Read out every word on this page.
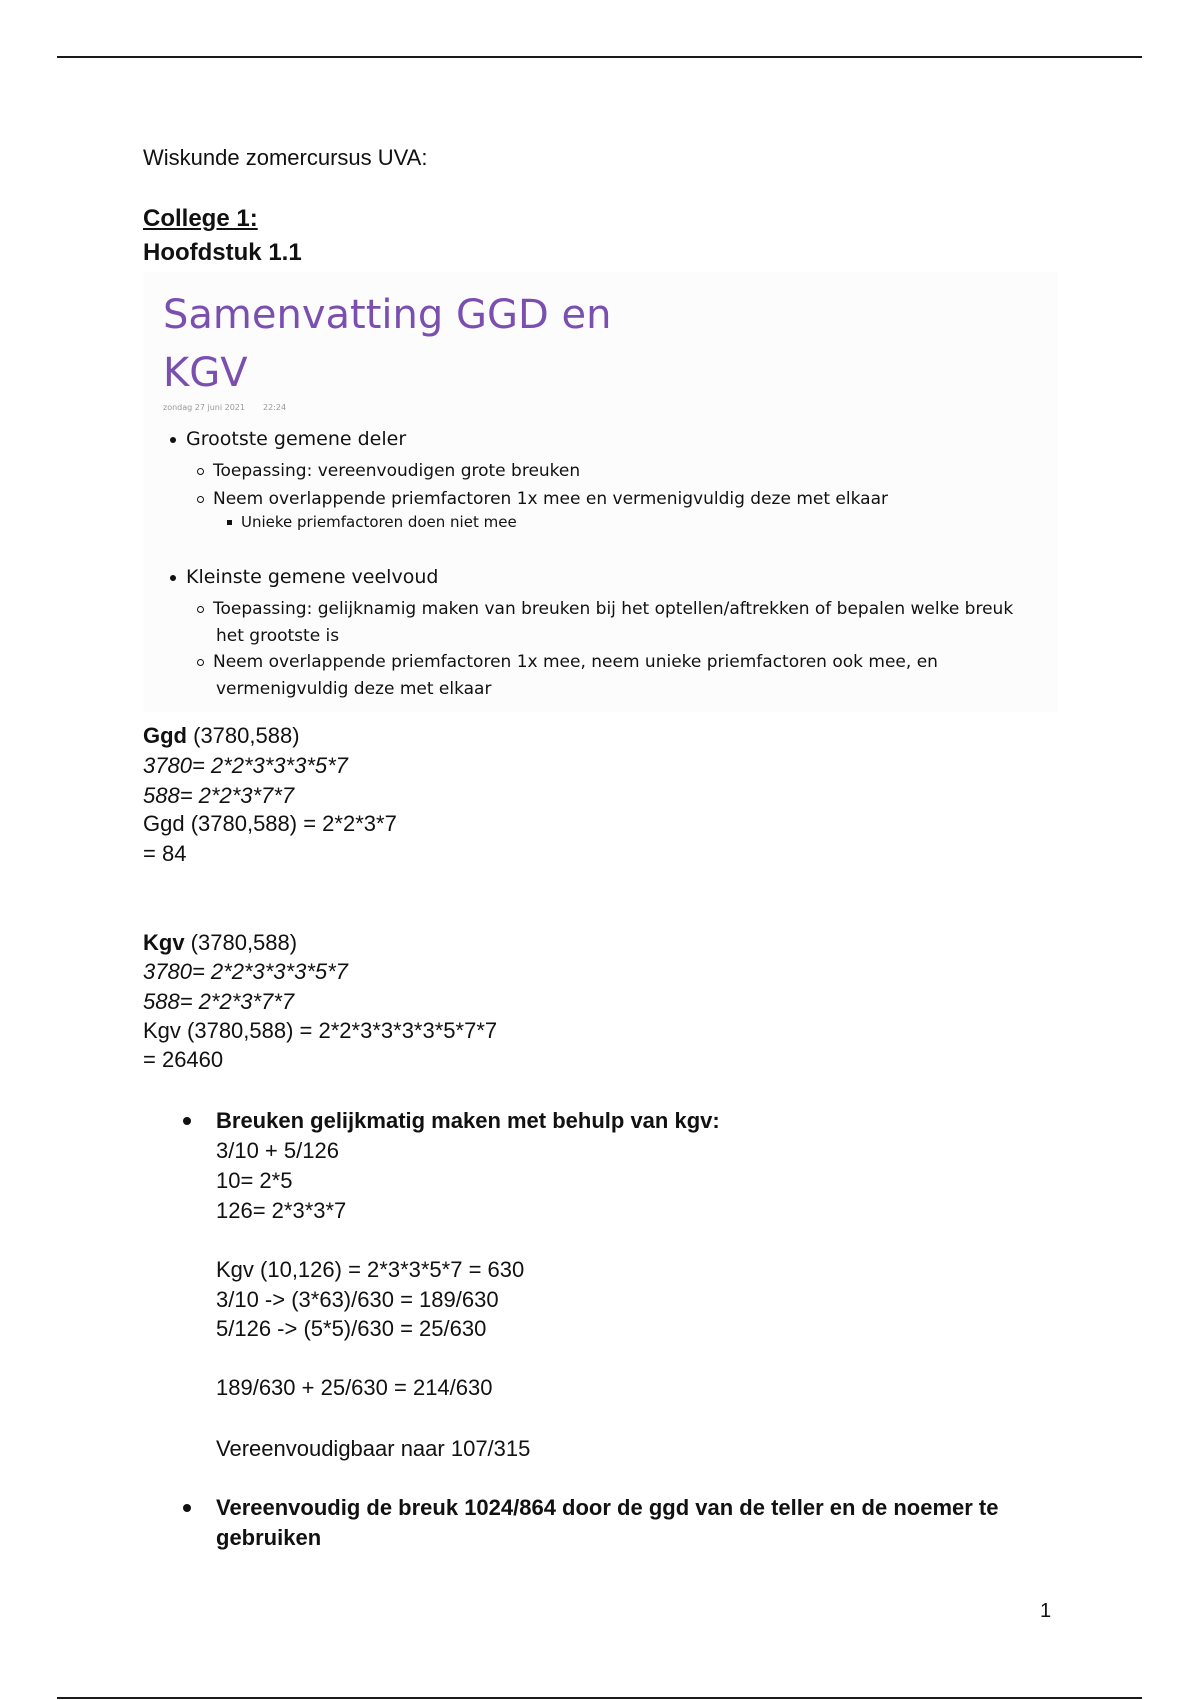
Wiskunde zomercursus UVA:
College 1:
Hoofdstuk 1.1
Samenvatting GGD en
KGV
zondag 27 juni 2021 22:24
Grootste gemene deler
Toepassing: vereenvoudigen grote breuken
Neem overlappende priemfactoren 1x mee en vermenigvuldig deze met elkaar
Unieke priemfactoren doen niet mee
Kleinste gemene veelvoud
Toepassing: gelijknamig maken van breuken bij het optellen/aftrekken of bepalen welke breuk
het grootste is
Neem overlappende priemfactoren 1x mee, neem unieke priemfactoren ook mee, en
vermenigvuldig deze met elkaar
Ggd (3780,588)
3780= 2*2*3*3*3*5*7
588= 2*2*3*7*7
Ggd (3780,588) = 2*2*3*7
= 84
Kgv (3780,588)
3780= 2*2*3*3*3*5*7
588= 2*2*3*7*7
Kgv (3780,588) = 2*2*3*3*3*3*5*7*7
= 26460
Breuken gelijkmatig maken met behulp van kgv:
3/10 + 5/126
10= 2*5
126= 2*3*3*7
Kgv (10,126) = 2*3*3*5*7 = 630
3/10 -> (3*63)/630 = 189/630
5/126 -> (5*5)/630 = 25/630
189/630 + 25/630 = 214/630
Vereenvoudigbaar naar 107/315
Vereenvoudig de breuk 1024/864 door de ggd van de teller en de noemer te
gebruiken
1
